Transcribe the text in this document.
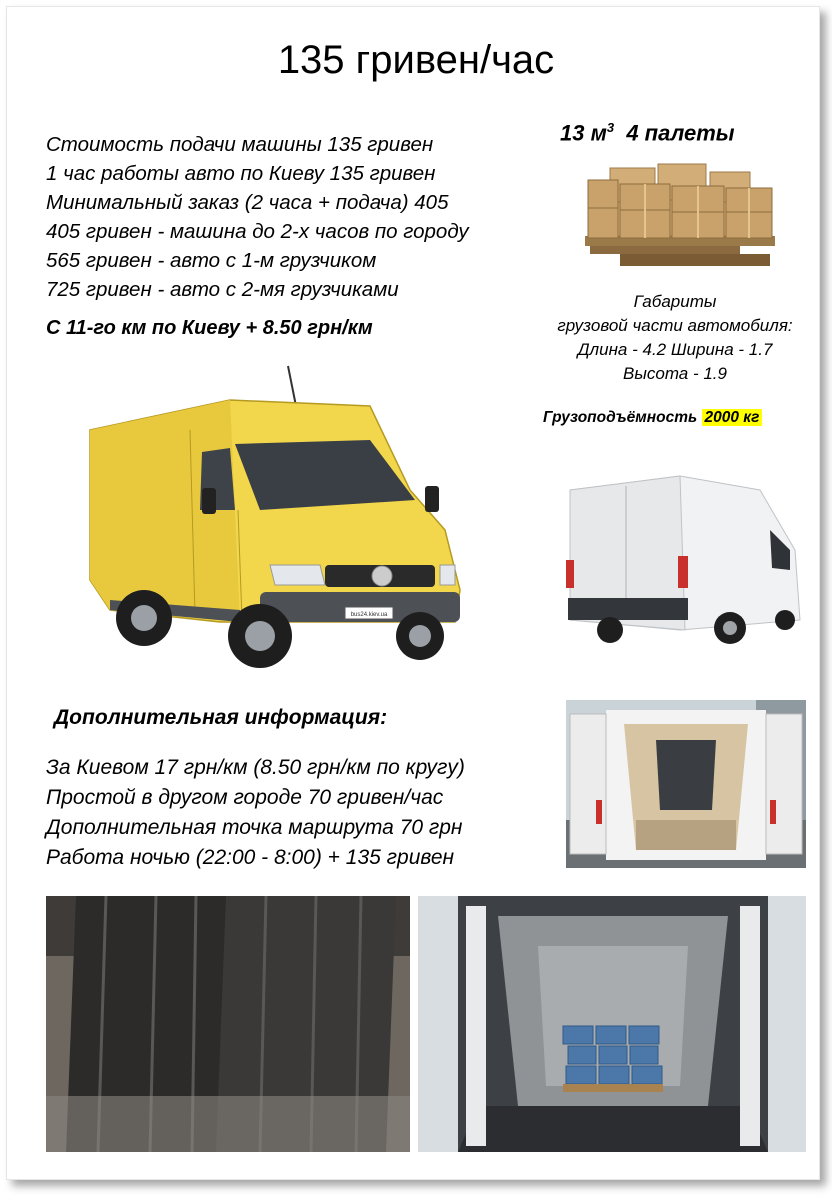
135 гривен/час
Стоимость подачи машины 135 гривен
1 час работы авто по Киеву 135 гривен
Минимальный заказ (2 часа + подача) 405
405 гривен - машина до 2-х часов по городу
565 гривен - авто с 1-м грузчиком
725 гривен - авто с 2-мя грузчиками
С 11-го км по Киеву + 8.50 грн/км
13 $м^3$ 4 палеты
Габариты
грузовой части автомобиля:
Длина - 4.2 Ширина - 1.7
Высота - 1.9
Грузоподъёмность 2000 кг
bus24.kiev.ua
Дополнительная информация:
За Киевом 17 грн/км (8.50 грн/км по кругу)
Простой в другом городе 70 гривен/час
Дополнительная точка маршрута 70 грн
Работа ночью (22:00 - 8:00) + 135 гривен
